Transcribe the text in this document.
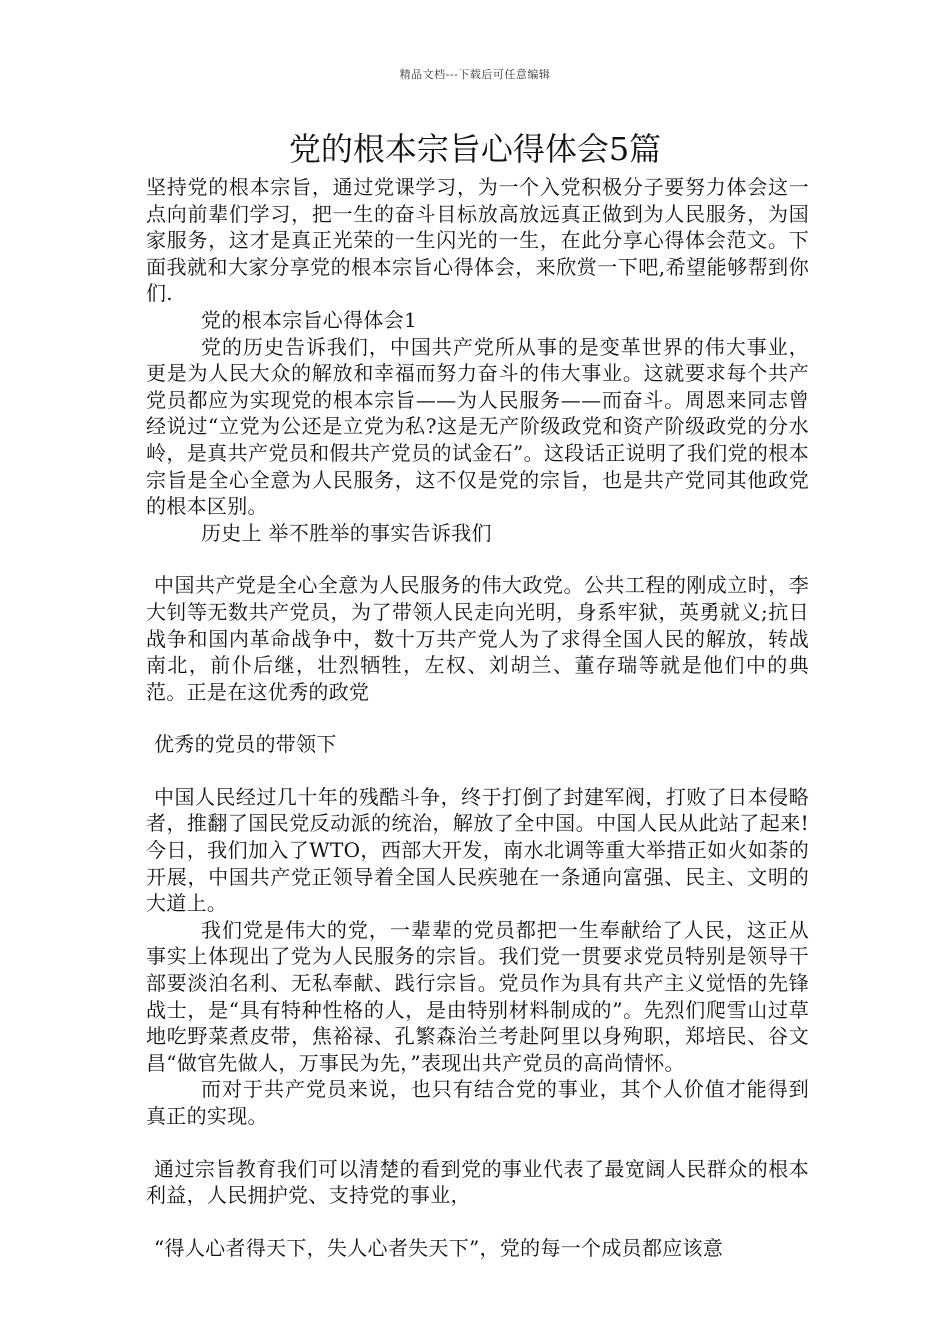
精品文档---下载后可任意编辑
党的根本宗旨心得体会5篇

坚持党的根本宗旨，通过党课学习，为一个入党积极分子要努力体会这一点向前辈们学习，把一生的奋斗目标放高放远真正做到为人民服务，为国家服务，这才是真正光荣的一生闪光的一生，在此分享心得体会范文。下面我就和大家分享党的根本宗旨心得体会，来欣赏一下吧,希望能够帮到你们.

党的根本宗旨心得体会1

党的历史告诉我们，中国共产党所从事的是变革世界的伟大事业，更是为人民大众的解放和幸福而努力奋斗的伟大事业。这就要求每个共产党员都应为实现党的根本宗旨——为人民服务——而奋斗。周恩来同志曾经说过“立党为公还是立党为私?这是无产阶级政党和资产阶级政党的分水岭，是真共产党员和假共产党员的试金石”。这段话正说明了我们党的根本宗旨是全心全意为人民服务，这不仅是党的宗旨，也是共产党同其他政党的根本区别。

历史上 举不胜举的事实告诉我们

中国共产党是全心全意为人民服务的伟大政党。公共工程的刚成立时，李大钊等无数共产党员，为了带领人民走向光明，身系牢狱，英勇就义;抗日战争和国内革命战争中，数十万共产党人为了求得全国人民的解放，转战南北，前仆后继，壮烈牺牲，左权、刘胡兰、董存瑞等就是他们中的典范。正是在这优秀的政党

优秀的党员的带领下

中国人民经过几十年的残酷斗争，终于打倒了封建军阀，打败了日本侵略者，推翻了国民党反动派的统治，解放了全中国。中国人民从此站了起来!今日，我们加入了WTO，西部大开发，南水北调等重大举措正如火如荼的开展，中国共产党正领导着全国人民疾驰在一条通向富强、民主、文明的大道上。

我们党是伟大的党，一辈辈的党员都把一生奉献给了人民，这正从事实上体现出了党为人民服务的宗旨。我们党一贯要求党员特别是领导干部要淡泊名利、无私奉献、践行宗旨。党员作为具有共产主义觉悟的先锋战士，是“具有特种性格的人，是由特别材料制成的”。先烈们爬雪山过草地吃野菜煮皮带，焦裕禄、孔繁森治兰考赴阿里以身殉职，郑培民、谷文昌“做官先做人，万事民为先，”表现出共产党员的高尚情怀。

而对于共产党员来说，也只有结合党的事业，其个人价值才能得到真正的实现。

通过宗旨教育我们可以清楚的看到党的事业代表了最宽阔人民群众的根本利益，人民拥护党、支持党的事业，

“得人心者得天下，失人心者失天下”，党的每一个成员都应该意
